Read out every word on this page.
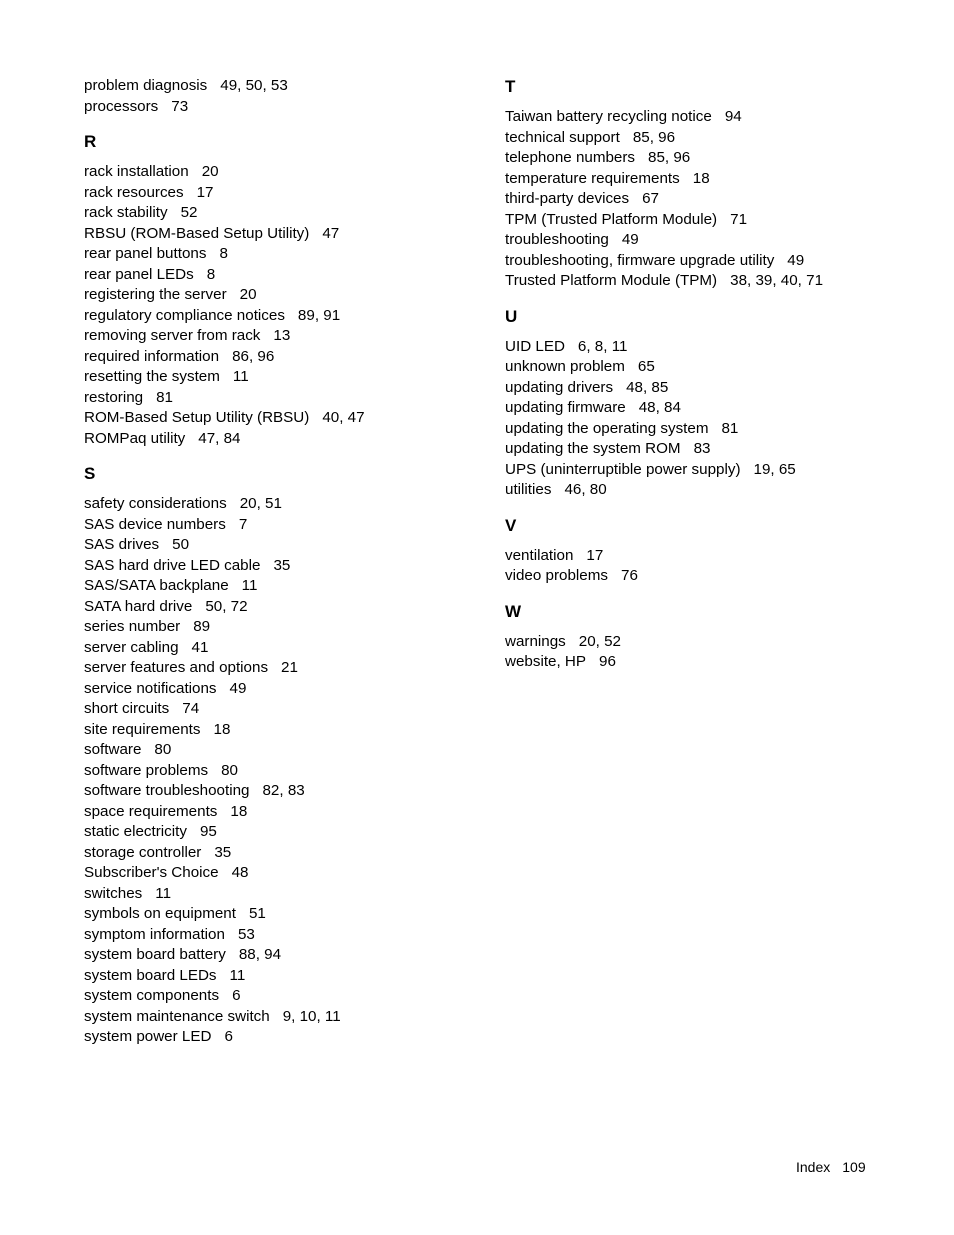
problem diagnosis 49, 50, 53
processors 73
R
rack installation 20
rack resources 17
rack stability 52
RBSU (ROM-Based Setup Utility) 47
rear panel buttons 8
rear panel LEDs 8
registering the server 20
regulatory compliance notices 89, 91
removing server from rack 13
required information 86, 96
resetting the system 11
restoring 81
ROM-Based Setup Utility (RBSU) 40, 47
ROMPaq utility 47, 84
S
safety considerations 20, 51
SAS device numbers 7
SAS drives 50
SAS hard drive LED cable 35
SAS/SATA backplane 11
SATA hard drive 50, 72
series number 89
server cabling 41
server features and options 21
service notifications 49
short circuits 74
site requirements 18
software 80
software problems 80
software troubleshooting 82, 83
space requirements 18
static electricity 95
storage controller 35
Subscriber's Choice 48
switches 11
symbols on equipment 51
symptom information 53
system board battery 88, 94
system board LEDs 11
system components 6
system maintenance switch 9, 10, 11
system power LED 6
T
Taiwan battery recycling notice 94
technical support 85, 96
telephone numbers 85, 96
temperature requirements 18
third-party devices 67
TPM (Trusted Platform Module) 71
troubleshooting 49
troubleshooting, firmware upgrade utility 49
Trusted Platform Module (TPM) 38, 39, 40, 71
U
UID LED 6, 8, 11
unknown problem 65
updating drivers 48, 85
updating firmware 48, 84
updating the operating system 81
updating the system ROM 83
UPS (uninterruptible power supply) 19, 65
utilities 46, 80
V
ventilation 17
video problems 76
W
warnings 20, 52
website, HP 96
Index 109
